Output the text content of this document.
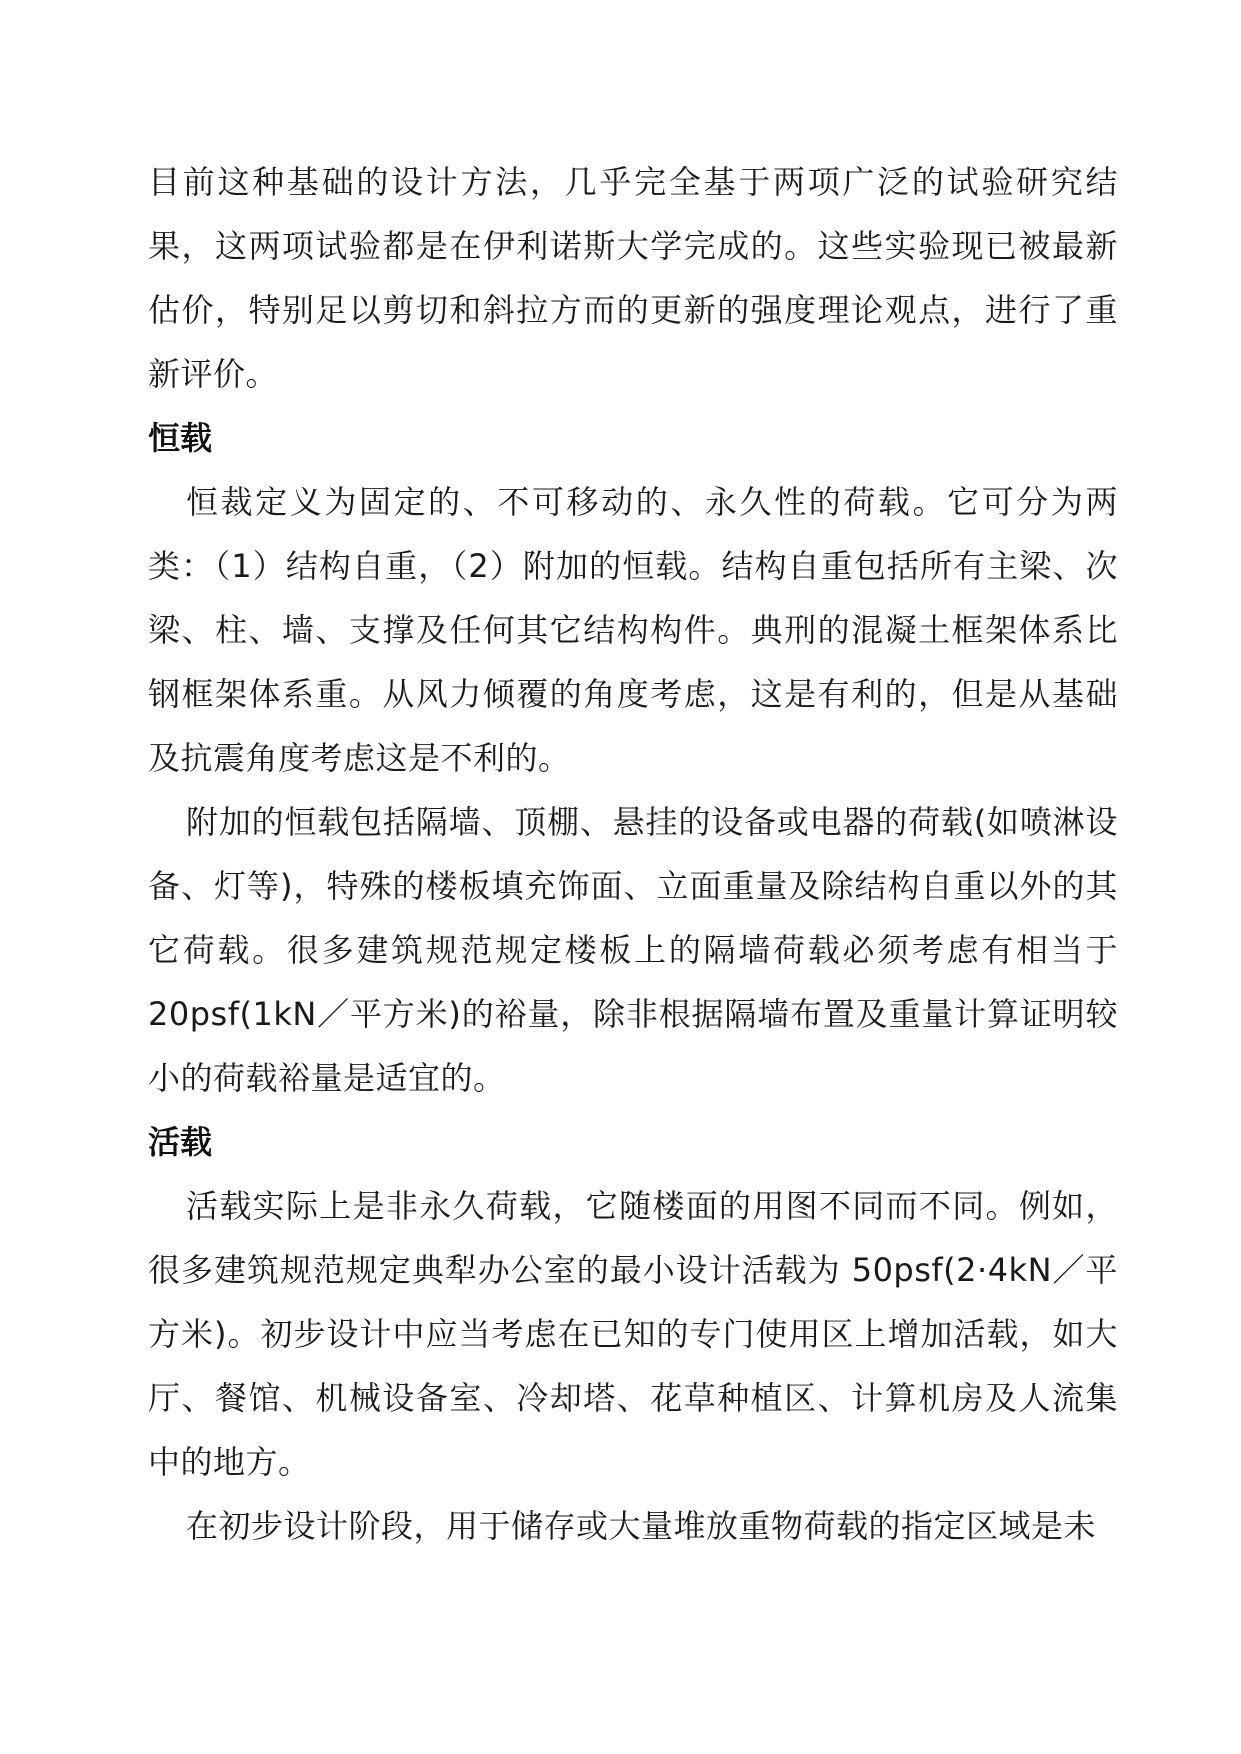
目前这种基础的设计方法，几乎完全基于两项广泛的试验研究结果，这两项试验都是在伊利诺斯大学完成的。这些实验现已被最新估价，特别足以剪切和斜拉方而的更新的强度理论观点，进行了重新评价。

恒载

恒裁定义为固定的、不可移动的、永久性的荷载。它可分为两类：（1）结构自重，（2）附加的恒载。结构自重包括所有主梁、次梁、柱、墙、支撑及任何其它结构构件。典刑的混凝土框架体系比钢框架体系重。从风力倾覆的角度考虑，这是有利的，但是从基础及抗震角度考虑这是不利的。

附加的恒载包括隔墙、顶棚、悬挂的设备或电器的荷载(如喷淋设备、灯等)，特殊的楼板填充饰面、立面重量及除结构自重以外的其它荷载。很多建筑规范规定楼板上的隔墙荷载必须考虑有相当于 20psf(1kN／平方米)的裕量，除非根据隔墙布置及重量计算证明较小的荷载裕量是适宜的。

活载

活载实际上是非永久荷载，它随楼面的用图不同而不同。例如，很多建筑规范规定典犁办公室的最小设计活载为 50psf(2·4kN／平方米)。初步设计中应当考虑在已知的专门使用区上增加活载，如大厅、餐馆、机械设备室、冷却塔、花草种植区、计算机房及人流集中的地方。

在初步设计阶段，用于储存或大量堆放重物荷载的指定区域是未
